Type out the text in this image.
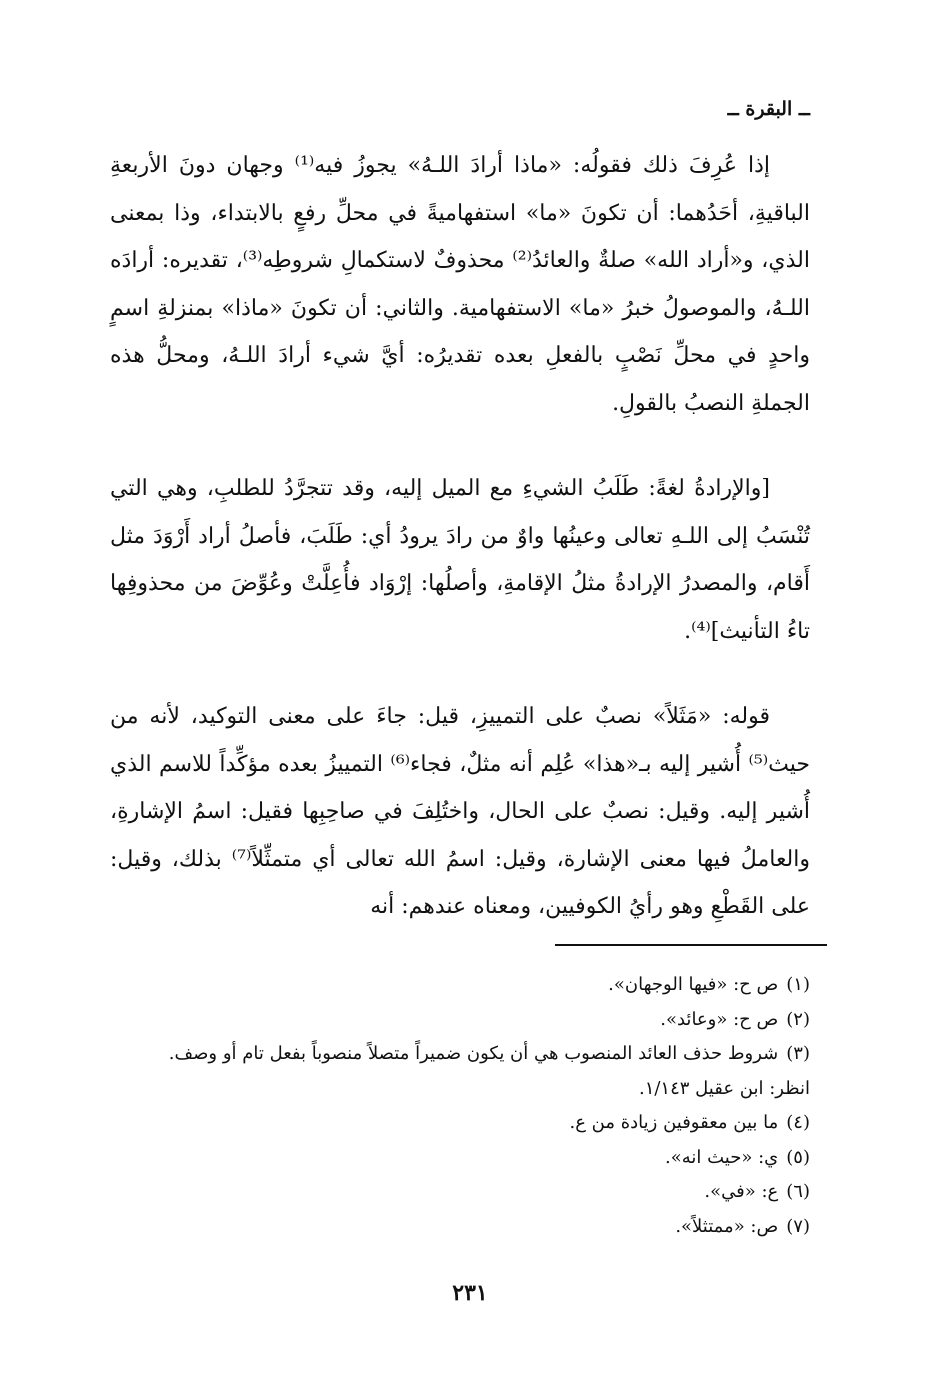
ــ البقرة ــ

إذا عُرِفَ ذلك فقولُه: «ماذا أرادَ اللـهُ» يجوزُ فيه⁽¹⁾ وجهان دونَ الأربعةِ الباقيةِ، أحَدُهما: أن تكونَ «ما» استفهاميةً في محلِّ رفعٍ بالابتداء، وذا بمعنى الذي، و«أراد الله» صلةٌ والعائدُ⁽²⁾ محذوفٌ لاستكمالِ شروطِه⁽³⁾، تقديره: أرادَه اللـهُ، والموصولُ خبرُ «ما» الاستفهامية. والثاني: أن تكونَ «ماذا» بمنزلةِ اسمٍ واحدٍ في محلِّ نَصْبٍ بالفعلِ بعده تقديرُه: أيَّ شيء أرادَ اللـهُ، ومحلُّ هذه الجملةِ النصبُ بالقولِ.

[والإرادةُ لغةً: طَلَبُ الشيءِ مع الميل إليه، وقد تتجرَّدُ للطلبِ، وهي التي تُنْسَبُ إلى اللـهِ تعالى وعينُها واوٌ من رادَ يرودُ أي: طَلَبَ، فأصلُ أراد أَرْوَدَ مثل أَقام، والمصدرُ الإرادةُ مثلُ الإقامةِ، وأصلُها: إرْوَاد فأُعِلَّتْ وعُوِّضَ من محذوفِها تاءُ التأنيث]⁽⁴⁾.

قوله: «مَثَلاً» نصبٌ على التمييزِ، قيل: جاءَ على معنى التوكيد، لأنه من حيث⁽⁵⁾ أُشير إليه بـ«هذا» عُلِم أنه مثلٌ، فجاء⁽⁶⁾ التمييزُ بعده مؤكِّداً للاسم الذي أُشير إليه. وقيل: نصبٌ على الحال، واختُلِفَ في صاحِبِها فقيل: اسمُ الإشارةِ، والعاملُ فيها معنى الإشارة، وقيل: اسمُ الله تعالى أي متمثِّلاً⁽⁷⁾ بذلك، وقيل: على القَطْعِ وهو رأيُ الكوفيين، ومعناه عندهم: أنه

(١)ص ح: «فيها الوجهان».
(٢)ص ح: «وعائد».
(٣)شروط حذف العائد المنصوب هي أن يكون ضميراً متصلاً منصوباً بفعل تام أو وصف.
انظر: ابن عقيل ١/١٤٣.
(٤)ما بين معقوفين زيادة من ع.
(٥)ي: «حيث انه».
(٦)ع: «في».
(٧)ص: «ممتثلاً».
٢٣١
